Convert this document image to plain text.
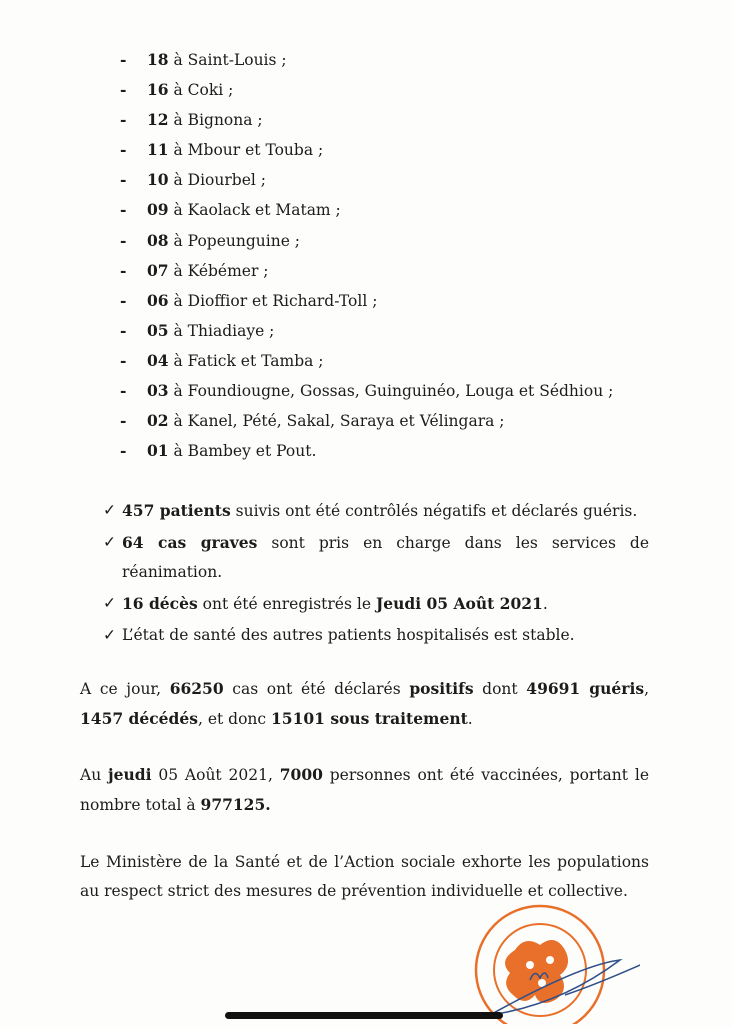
-	18 à Saint-Louis ;
-	16 à Coki ;
-	12 à Bignona ;
-	11 à Mbour et Touba ;
-	10 à Diourbel ;
-	09 à Kaolack et Matam ;
-	08 à Popeunguine ;
-	07 à Kébémer ;
-	06 à Dioffior et Richard-Toll ;
-	05 à Thiadiaye ;
-	04 à Fatick et Tamba ;
-	03 à Foundiougne, Gossas, Guinguinéo, Louga et Sédhiou ;
-	02 à Kanel, Pété, Sakal, Saraya et Vélingara ;
-	01 à Bambey et Pout.
✓ 457 patients suivis ont été contrôlés négatifs et déclarés guéris.
✓ 64 cas graves sont pris en charge dans les services de réanimation.
✓ 16 décès ont été enregistrés le Jeudi 05 Août 2021.
✓ L’état de santé des autres patients hospitalisés est stable.
A ce jour, 66250 cas ont été déclarés positifs dont 49691 guéris, 1457 décédés, et donc 15101 sous traitement.
Au jeudi 05 Août 2021, 7000 personnes ont été vaccinées, portant le nombre total à 977125.
Le Ministère de la Santé et de l’Action sociale exhorte les populations au respect strict des mesures de prévention individuelle et collective.
